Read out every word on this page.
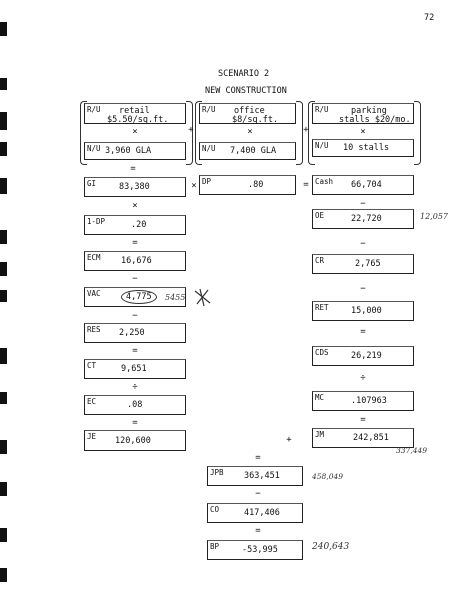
72
SCENARIO 2
NEW CONSTRUCTION
R/U retail
$5.50/sq.ft.
×
N/U 3,960 GLA
+
R/U office
$8/sq.ft.
×
N/U 7,400 GLA
+
R/U	parking
stalls $20/mo.
×
N/U 10 stalls
=
GI	83,380	× DP	.80	= Cash 66,704
×
1-DP	.20
=
ECM 16,676
−
VAC	4,775	5455
−
RES 2,250
=
CT	9,651
÷
EC	.08
=
JE 120,600
−
OE	22,720	12,057
−
CR	2,765
−
RET	15,000
=
CDS	26,219
÷
MC	.107963
=
JM	242,851
337,449
+
=
JPB 363,451	458,049
−
CO	417,406
=
BP	-53,995	240,643
